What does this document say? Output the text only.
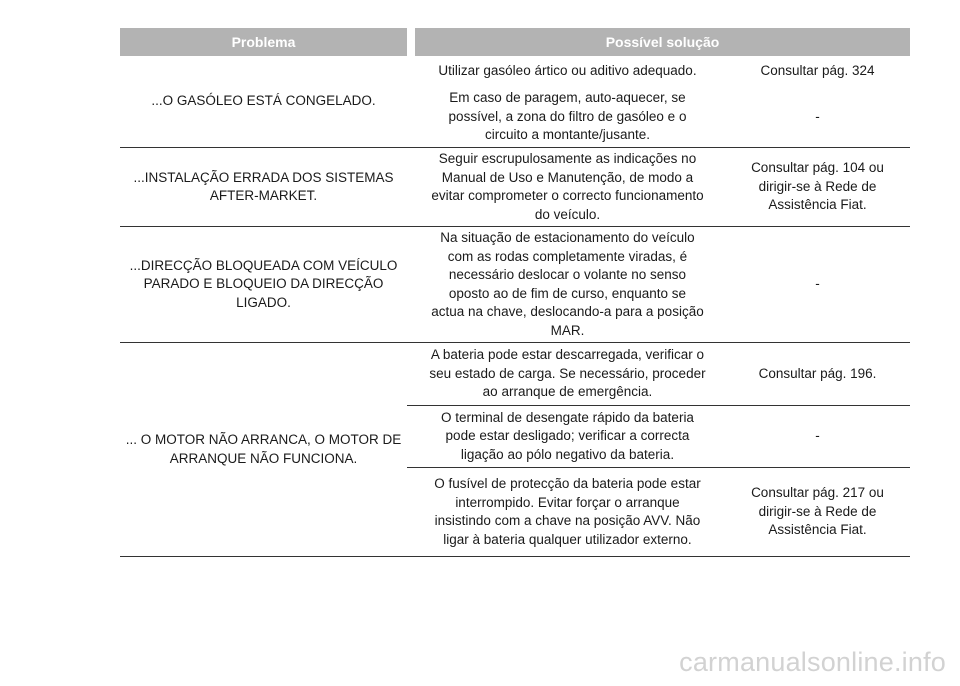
Problema	Possível solução
...O GASÓLEO ESTÁ CONGELADO.
Utilizar gasóleo ártico ou aditivo adequado.	Consultar pág. 324
Em caso de paragem, auto-aquecer, se
possível, a zona do filtro de gasóleo e o
circuito a montante/jusante.
-
...INSTALAÇÃO ERRADA DOS SISTEMAS
AFTER-MARKET.
Seguir escrupulosamente as indicações no
Manual de Uso e Manutenção, de modo a
evitar comprometer o correcto funcionamento
do veículo.
Consultar pág. 104 ou
dirigir-se à Rede de
Assistência Fiat.
...DIRECÇÃO BLOQUEADA COM VEÍCULO
PARADO E BLOQUEIO DA DIRECÇÃO
LIGADO.
Na situação de estacionamento do veículo
com as rodas completamente viradas, é
necessário deslocar o volante no senso
oposto ao de fim de curso, enquanto se
actua na chave, deslocando-a para a posição
MAR.
-
... O MOTOR NÃO ARRANCA, O MOTOR DE
ARRANQUE NÃO FUNCIONA.
A bateria pode estar descarregada, verificar o
seu estado de carga. Se necessário, proceder
ao arranque de emergência.
Consultar pág. 196.
O terminal de desengate rápido da bateria
pode estar desligado; verificar a correcta
ligação ao pólo negativo da bateria.
-
O fusível de protecção da bateria pode estar
interrompido. Evitar forçar o arranque
insistindo com a chave na posição AVV. Não
ligar à bateria qualquer utilizador externo.
Consultar pág. 217 ou
dirigir-se à Rede de
Assistência Fiat.
carmanualsonline.info
